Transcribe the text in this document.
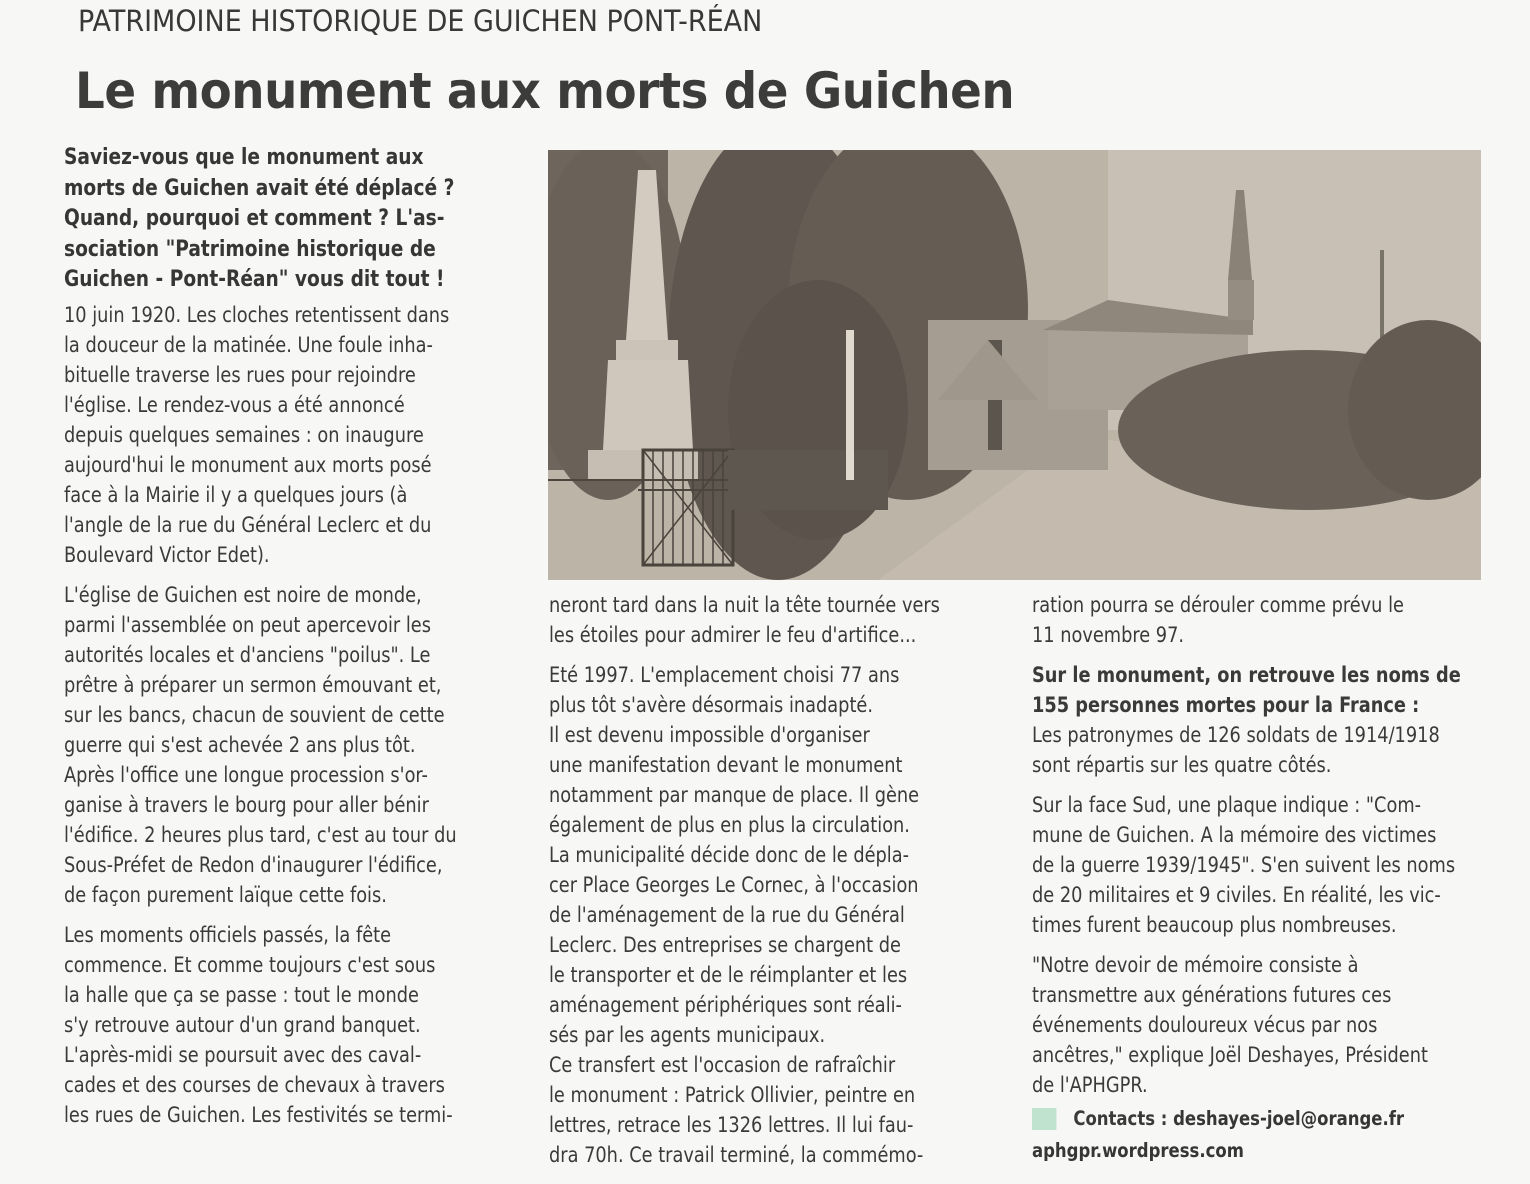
PATRIMOINE HISTORIQUE DE GUICHEN PONT-RÉAN
Le monument aux morts de Guichen
Saviez-vous que le monument aux
morts de Guichen avait été déplacé ?
Quand, pourquoi et comment ? L'as-
sociation "Patrimoine historique de
Guichen - Pont-Réan" vous dit tout !

10 juin 1920. Les cloches retentissent dans
la douceur de la matinée. Une foule inha-
bituelle traverse les rues pour rejoindre
l'église. Le rendez-vous a été annoncé
depuis quelques semaines : on inaugure
aujourd'hui le monument aux morts posé
face à la Mairie il y a quelques jours (à
l'angle de la rue du Général Leclerc et du
Boulevard Victor Edet).

L'église de Guichen est noire de monde,
parmi l'assemblée on peut apercevoir les
autorités locales et d'anciens "poilus". Le
prêtre à préparer un sermon émouvant et,
sur les bancs, chacun de souvient de cette
guerre qui s'est achevée 2 ans plus tôt.
Après l'office une longue procession s'or-
ganise à travers le bourg pour aller bénir
l'édifice. 2 heures plus tard, c'est au tour du
Sous-Préfet de Redon d'inaugurer l'édifice,
de façon purement laïque cette fois.

Les moments officiels passés, la fête
commence. Et comme toujours c'est sous
la halle que ça se passe : tout le monde
s'y retrouve autour d'un grand banquet.
L'après-midi se poursuit avec des caval-
cades et des courses de chevaux à travers
les rues de Guichen. Les festivités se termi-

neront tard dans la nuit la tête tournée vers
les étoiles pour admirer le feu d'artifice...

Eté 1997. L'emplacement choisi 77 ans
plus tôt s'avère désormais inadapté.
Il est devenu impossible d'organiser
une manifestation devant le monument
notamment par manque de place. Il gène
également de plus en plus la circulation.
La municipalité décide donc de le dépla-
cer Place Georges Le Cornec, à l'occasion
de l'aménagement de la rue du Général
Leclerc. Des entreprises se chargent de
le transporter et de le réimplanter et les
aménagement périphériques sont réali-
sés par les agents municipaux.
Ce transfert est l'occasion de rafraîchir
le monument : Patrick Ollivier, peintre en
lettres, retrace les 1326 lettres. Il lui fau-
dra 70h. Ce travail terminé, la commémo-

ration pourra se dérouler comme prévu le
11 novembre 97.

Sur le monument, on retrouve les noms de
155 personnes mortes pour la France :
Les patronymes de 126 soldats de 1914/1918
sont répartis sur les quatre côtés.

Sur la face Sud, une plaque indique : "Com-
mune de Guichen. A la mémoire des victimes
de la guerre 1939/1945". S'en suivent les noms
de 20 militaires et 9 civiles. En réalité, les vic-
times furent beaucoup plus nombreuses.

"Notre devoir de mémoire consiste à
transmettre aux générations futures ces
événements douloureux vécus par nos
ancêtres," explique Joël Deshayes, Président
de l'APHGPR.

Contacts : deshayes-joel@orange.fr
aphgpr.wordpress.com
